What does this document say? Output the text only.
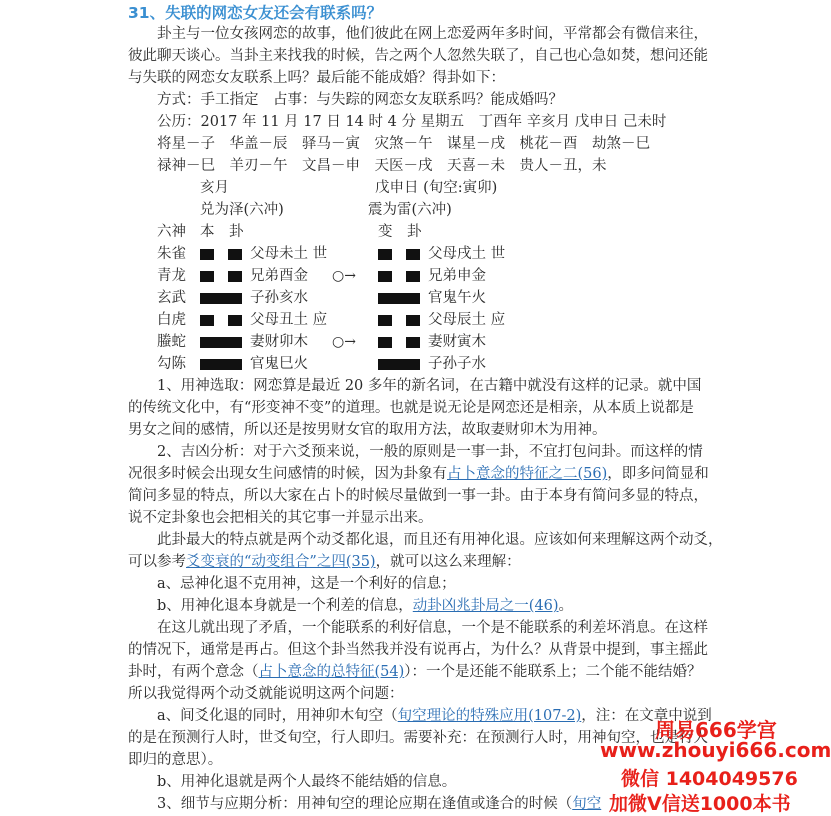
31、失联的网恋女友还会有联系吗？
卦主与一位女孩网恋的故事，他们彼此在网上恋爱两年多时间，平常都会有微信来往，
彼此聊天谈心。当卦主来找我的时候，告之两个人忽然失联了，自己也心急如焚，想问还能
与失联的网恋女友联系上吗？最后能不能成婚？得卦如下：
方式：手工指定　占事：与失踪的网恋女友联系吗？能成婚吗？
公历：2017 年 11 月 17 日 14 时 4 分 星期五　丁酉年 辛亥月 戊申日 己未时
将星－子　华盖－辰　驿马－寅　灾煞－午　谋星－戌　桃花－酉　劫煞－巳
禄神－巳　羊刃－午　文昌－申　天医－戌　天喜－未　贵人－丑，未
亥月	戊申日 (旬空:寅卯)
兑为泽(六冲)	震为雷(六冲)
六神 本　卦	变　卦
朱雀	父母未土 世	父母戌土 世
青龙	兄弟酉金 ○→	兄弟申金
玄武	子孙亥水	官鬼午火
白虎	父母丑土 应	父母辰土 应
螣蛇	妻财卯木 ○→	妻财寅木
勾陈	官鬼巳火	子孙子水
1、用神选取：网恋算是最近 20 多年的新名词，在古籍中就没有这样的记录。就中国
的传统文化中，有“形变神不变”的道理。也就是说无论是网恋还是相亲，从本质上说都是
男女之间的感情，所以还是按男财女官的取用方法，故取妻财卯木为用神。
2、吉凶分析：对于六爻预来说，一般的原则是一事一卦，不宜打包问卦。而这样的情
况很多时候会出现女生问感情的时候，因为卦象有占卜意念的特征之二(56)，即多问简显和
简问多显的特点，所以大家在占卜的时候尽量做到一事一卦。由于本身有简问多显的特点，
说不定卦象也会把相关的其它事一并显示出来。
此卦最大的特点就是两个动爻都化退，而且还有用神化退。应该如何来理解这两个动爻，
可以参考爻变衰的“动变组合”之四(35)，就可以这么来理解：
a、忌神化退不克用神，这是一个利好的信息；
b、用神化退本身就是一个利差的信息，动卦凶兆卦局之一(46)。
在这儿就出现了矛盾，一个能联系的利好信息，一个是不能联系的利差坏消息。在这样
的情况下，通常是再占。但这个卦当然我并没有说再占，为什么？从背景中提到，事主摇此
卦时，有两个意念（占卜意念的总特征(54)）：一个是还能不能联系上；二个能不能结婚？
所以我觉得两个动爻就能说明这两个问题：
a、间爻化退的同时，用神卯木旬空（旬空理论的特殊应用(107-2)，注：在文章中说到
的是在预测行人时，世爻旬空，行人即归。需要补充：在预测行人时，用神旬空，也是行人
即归的意思）。
b、用神化退就是两个人最终不能结婚的信息。
3、细节与应期分析：用神旬空的理论应期在逢值或逢合的时候（旬空
周易666学宫
www.zhouyi666.com
微信 1404049576
加微V信送1000本书
